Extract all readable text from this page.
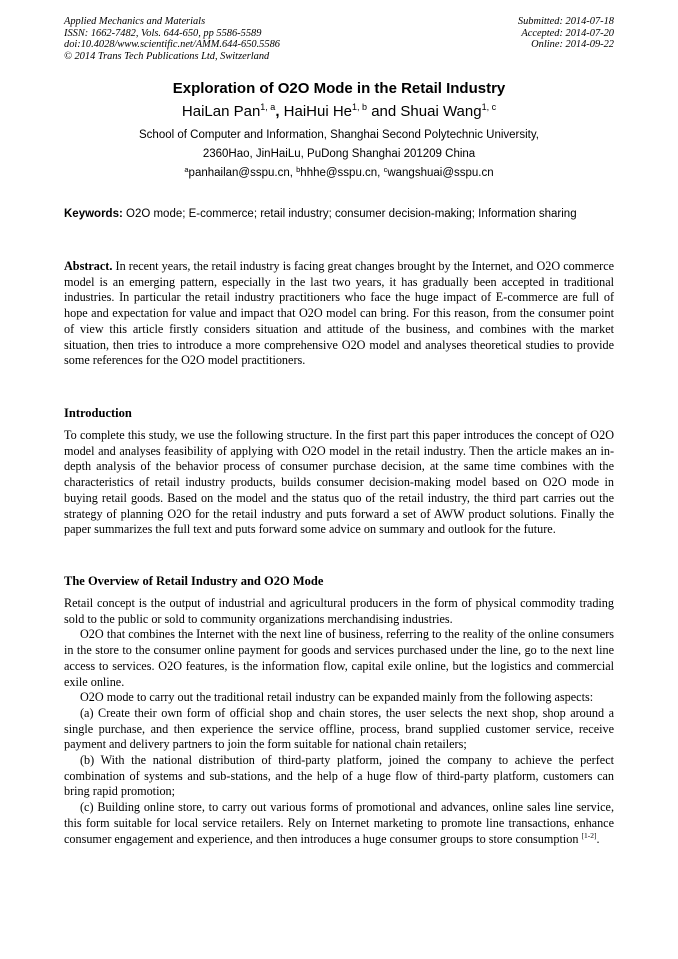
Applied Mechanics and Materials
ISSN: 1662-7482, Vols. 644-650, pp 5586-5589
doi:10.4028/www.scientific.net/AMM.644-650.5586
© 2014 Trans Tech Publications Ltd, Switzerland
Submitted: 2014-07-18
Accepted: 2014-07-20
Online: 2014-09-22
Exploration of O2O Mode in the Retail Industry
HaiLan Pan$^{1, a}$, HaiHui He$^{1, b}$ and Shuai Wang$^{1, c}$
School of Computer and Information, Shanghai Second Polytechnic University,
2360Hao, JinHaiLu, PuDong Shanghai 201209 China
$^a$panhailan@sspu.cn, $^b$hhhe@sspu.cn, $^c$wangshuai@sspu.cn
Keywords: O2O mode; E-commerce; retail industry; consumer decision-making; Information sharing
Abstract. In recent years, the retail industry is facing great changes brought by the Internet, and O2O commerce model is an emerging pattern, especially in the last two years, it has gradually been accepted in traditional industries. In particular the retail industry practitioners who face the huge impact of E-commerce are full of hope and expectation for value and impact that O2O model can bring. For this reason, from the consumer point of view this article firstly considers situation and attitude of the business, and combines with the market situation, then tries to introduce a more comprehensive O2O model and analyses theoretical studies to provide some references for the O2O model practitioners.
Introduction

To complete this study, we use the following structure. In the first part this paper introduces the concept of O2O model and analyses feasibility of applying with O2O model in the retail industry. Then the article makes an in-depth analysis of the behavior process of consumer purchase decision, at the same time combines with the characteristics of retail industry products, builds consumer decision-making model based on O2O mode in buying retail goods. Based on the model and the status quo of the retail industry, the third part carries out the strategy of planning O2O for the retail industry and puts forward a set of AWW product solutions. Finally the paper summarizes the full text and puts forward some advice on summary and outlook for the future.

The Overview of Retail Industry and O2O Mode

Retail concept is the output of industrial and agricultural producers in the form of physical commodity trading sold to the public or sold to community organizations merchandising industries.

O2O that combines the Internet with the next line of business, referring to the reality of the online consumers in the store to the consumer online payment for goods and services purchased under the line, go to the next line access to services. O2O features, is the information flow, capital exile online, but the logistics and commercial exile online.

O2O mode to carry out the traditional retail industry can be expanded mainly from the following aspects:

(a) Create their own form of official shop and chain stores, the user selects the next shop, shop around a single purchase, and then experience the service offline, process, brand supplied customer service, receive payment and delivery partners to join the form suitable for national chain retailers;

(b) With the national distribution of third-party platform, joined the company to achieve the perfect combination of systems and sub-stations, and the help of a huge flow of third-party platform, customers can bring rapid promotion;

(c) Building online store, to carry out various forms of promotional and advances, online sales line service, this form suitable for local service retailers. Rely on Internet marketing to promote line transactions, enhance consumer engagement and experience, and then introduces a huge consumer groups to store consumption [1-2].
